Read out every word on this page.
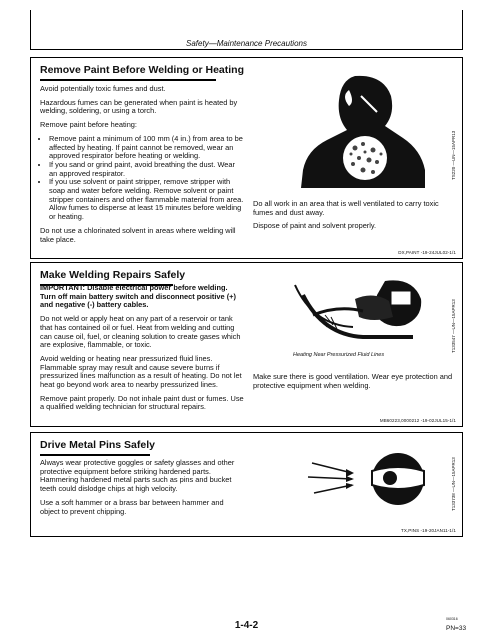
Safety—Maintenance Precautions
Remove Paint Before Welding or Heating

Avoid potentially toxic fumes and dust.

Hazardous fumes can be generated when paint is heated by welding, soldering, or using a torch.

Remove paint before heating:

• Remove paint a minimum of 100 mm (4 in.) from area to be affected by heating. If paint cannot be removed, wear an approved respirator before heating or welding.
• If you sand or grind paint, avoid breathing the dust. Wear an approved respirator.
• If you use solvent or paint stripper, remove stripper with soap and water before welding. Remove solvent or paint stripper containers and other flammable material from area. Allow fumes to disperse at least 15 minutes before welding or heating.

Do not use a chlorinated solvent in areas where welding will take place.

TS220 —UN—15APR13

Do all work in an area that is well ventilated to carry toxic fumes and dust away.

Dispose of paint and solvent properly.

DX,PAINT -19-24JUL02-1/1
Make Welding Repairs Safely

IMPORTANT: Disable electrical power before welding. Turn off main battery switch and disconnect positive (+) and negative (-) battery cables.

Do not weld or apply heat on any part of a reservoir or tank that has contained oil or fuel. Heat from welding and cutting can cause oil, fuel, or cleaning solution to create gases which are explosive, flammable, or toxic.

Avoid welding or heating near pressurized fluid lines. Flammable spray may result and cause severe burns if pressurized lines malfunction as a result of heating. Do not let heat go beyond work area to nearby pressurized lines.

Remove paint properly. Do not inhale paint dust or fumes. Use a qualified welding technician for structural repairs.

T133547 —UN—15APR13
Heating Near Pressurized Fluid Lines

Make sure there is good ventilation. Wear eye protection and protective equipment when welding.

MB60223,0000212 -19-02JUL15-1/1
Drive Metal Pins Safely

Always wear protective goggles or safety glasses and other protective equipment before striking hardened parts. Hammering hardened metal parts such as pins and bucket teeth could dislodge chips at high velocity.

Use a soft hammer or a brass bar between hammer and object to prevent chipping.

T133738 —UN—15APR13
TX,PINS -19-20JAN11-1/1
1-4-2
060316
PN=33
